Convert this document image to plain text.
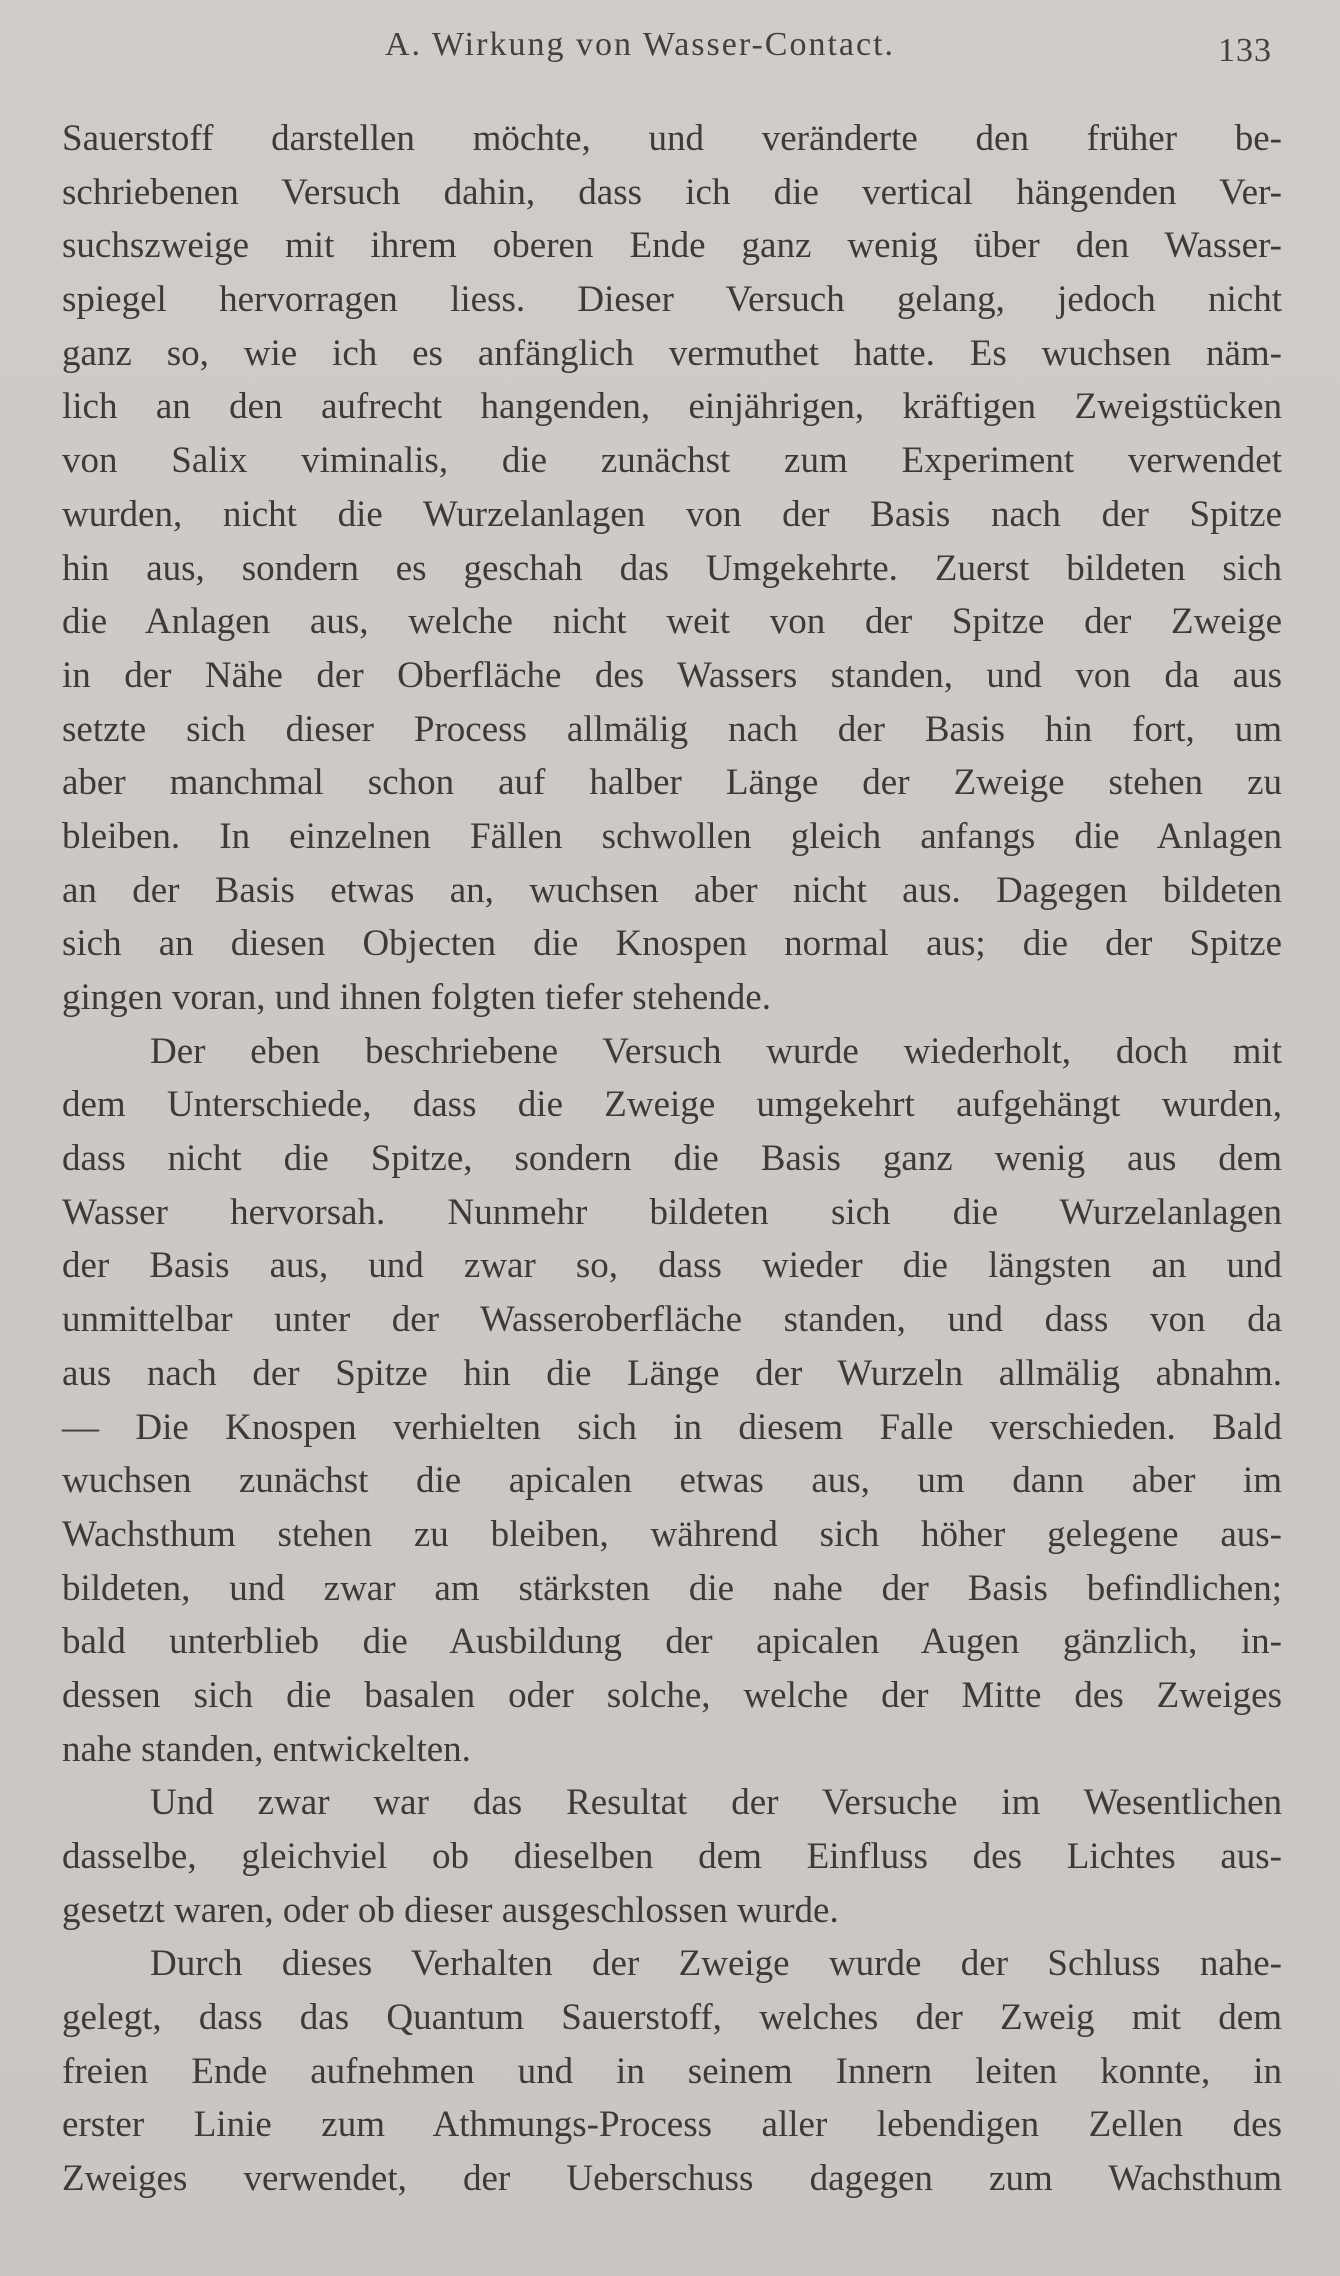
A. Wirkung von Wasser-Contact.	133
Sauerstoff darstellen möchte, und veränderte den früher be-
schriebenen Versuch dahin, dass ich die vertical hängenden Ver-
suchszweige mit ihrem oberen Ende ganz wenig über den Wasser-
spiegel hervorragen liess. Dieser Versuch gelang, jedoch nicht
ganz so, wie ich es anfänglich vermuthet hatte. Es wuchsen näm-
lich an den aufrecht hangenden, einjährigen, kräftigen Zweigstücken
von Salix viminalis, die zunächst zum Experiment verwendet
wurden, nicht die Wurzelanlagen von der Basis nach der Spitze
hin aus, sondern es geschah das Umgekehrte. Zuerst bildeten sich
die Anlagen aus, welche nicht weit von der Spitze der Zweige
in der Nähe der Oberfläche des Wassers standen, und von da aus
setzte sich dieser Process allmälig nach der Basis hin fort, um
aber manchmal schon auf halber Länge der Zweige stehen zu
bleiben. In einzelnen Fällen schwollen gleich anfangs die Anlagen
an der Basis etwas an, wuchsen aber nicht aus. Dagegen bildeten
sich an diesen Objecten die Knospen normal aus; die der Spitze
gingen voran, und ihnen folgten tiefer stehende.
Der eben beschriebene Versuch wurde wiederholt, doch mit
dem Unterschiede, dass die Zweige umgekehrt aufgehängt wurden,
dass nicht die Spitze, sondern die Basis ganz wenig aus dem
Wasser hervorsah. Nunmehr bildeten sich die Wurzelanlagen
der Basis aus, und zwar so, dass wieder die längsten an und
unmittelbar unter der Wasseroberfläche standen, und dass von da
aus nach der Spitze hin die Länge der Wurzeln allmälig abnahm.
— Die Knospen verhielten sich in diesem Falle verschieden. Bald
wuchsen zunächst die apicalen etwas aus, um dann aber im
Wachsthum stehen zu bleiben, während sich höher gelegene aus-
bildeten, und zwar am stärksten die nahe der Basis befindlichen;
bald unterblieb die Ausbildung der apicalen Augen gänzlich, in-
dessen sich die basalen oder solche, welche der Mitte des Zweiges
nahe standen, entwickelten.
Und zwar war das Resultat der Versuche im Wesentlichen
dasselbe, gleichviel ob dieselben dem Einfluss des Lichtes aus-
gesetzt waren, oder ob dieser ausgeschlossen wurde.
Durch dieses Verhalten der Zweige wurde der Schluss nahe-
gelegt, dass das Quantum Sauerstoff, welches der Zweig mit dem
freien Ende aufnehmen und in seinem Innern leiten konnte, in
erster Linie zum Athmungs-Process aller lebendigen Zellen des
Zweiges verwendet, der Ueberschuss dagegen zum Wachsthum
